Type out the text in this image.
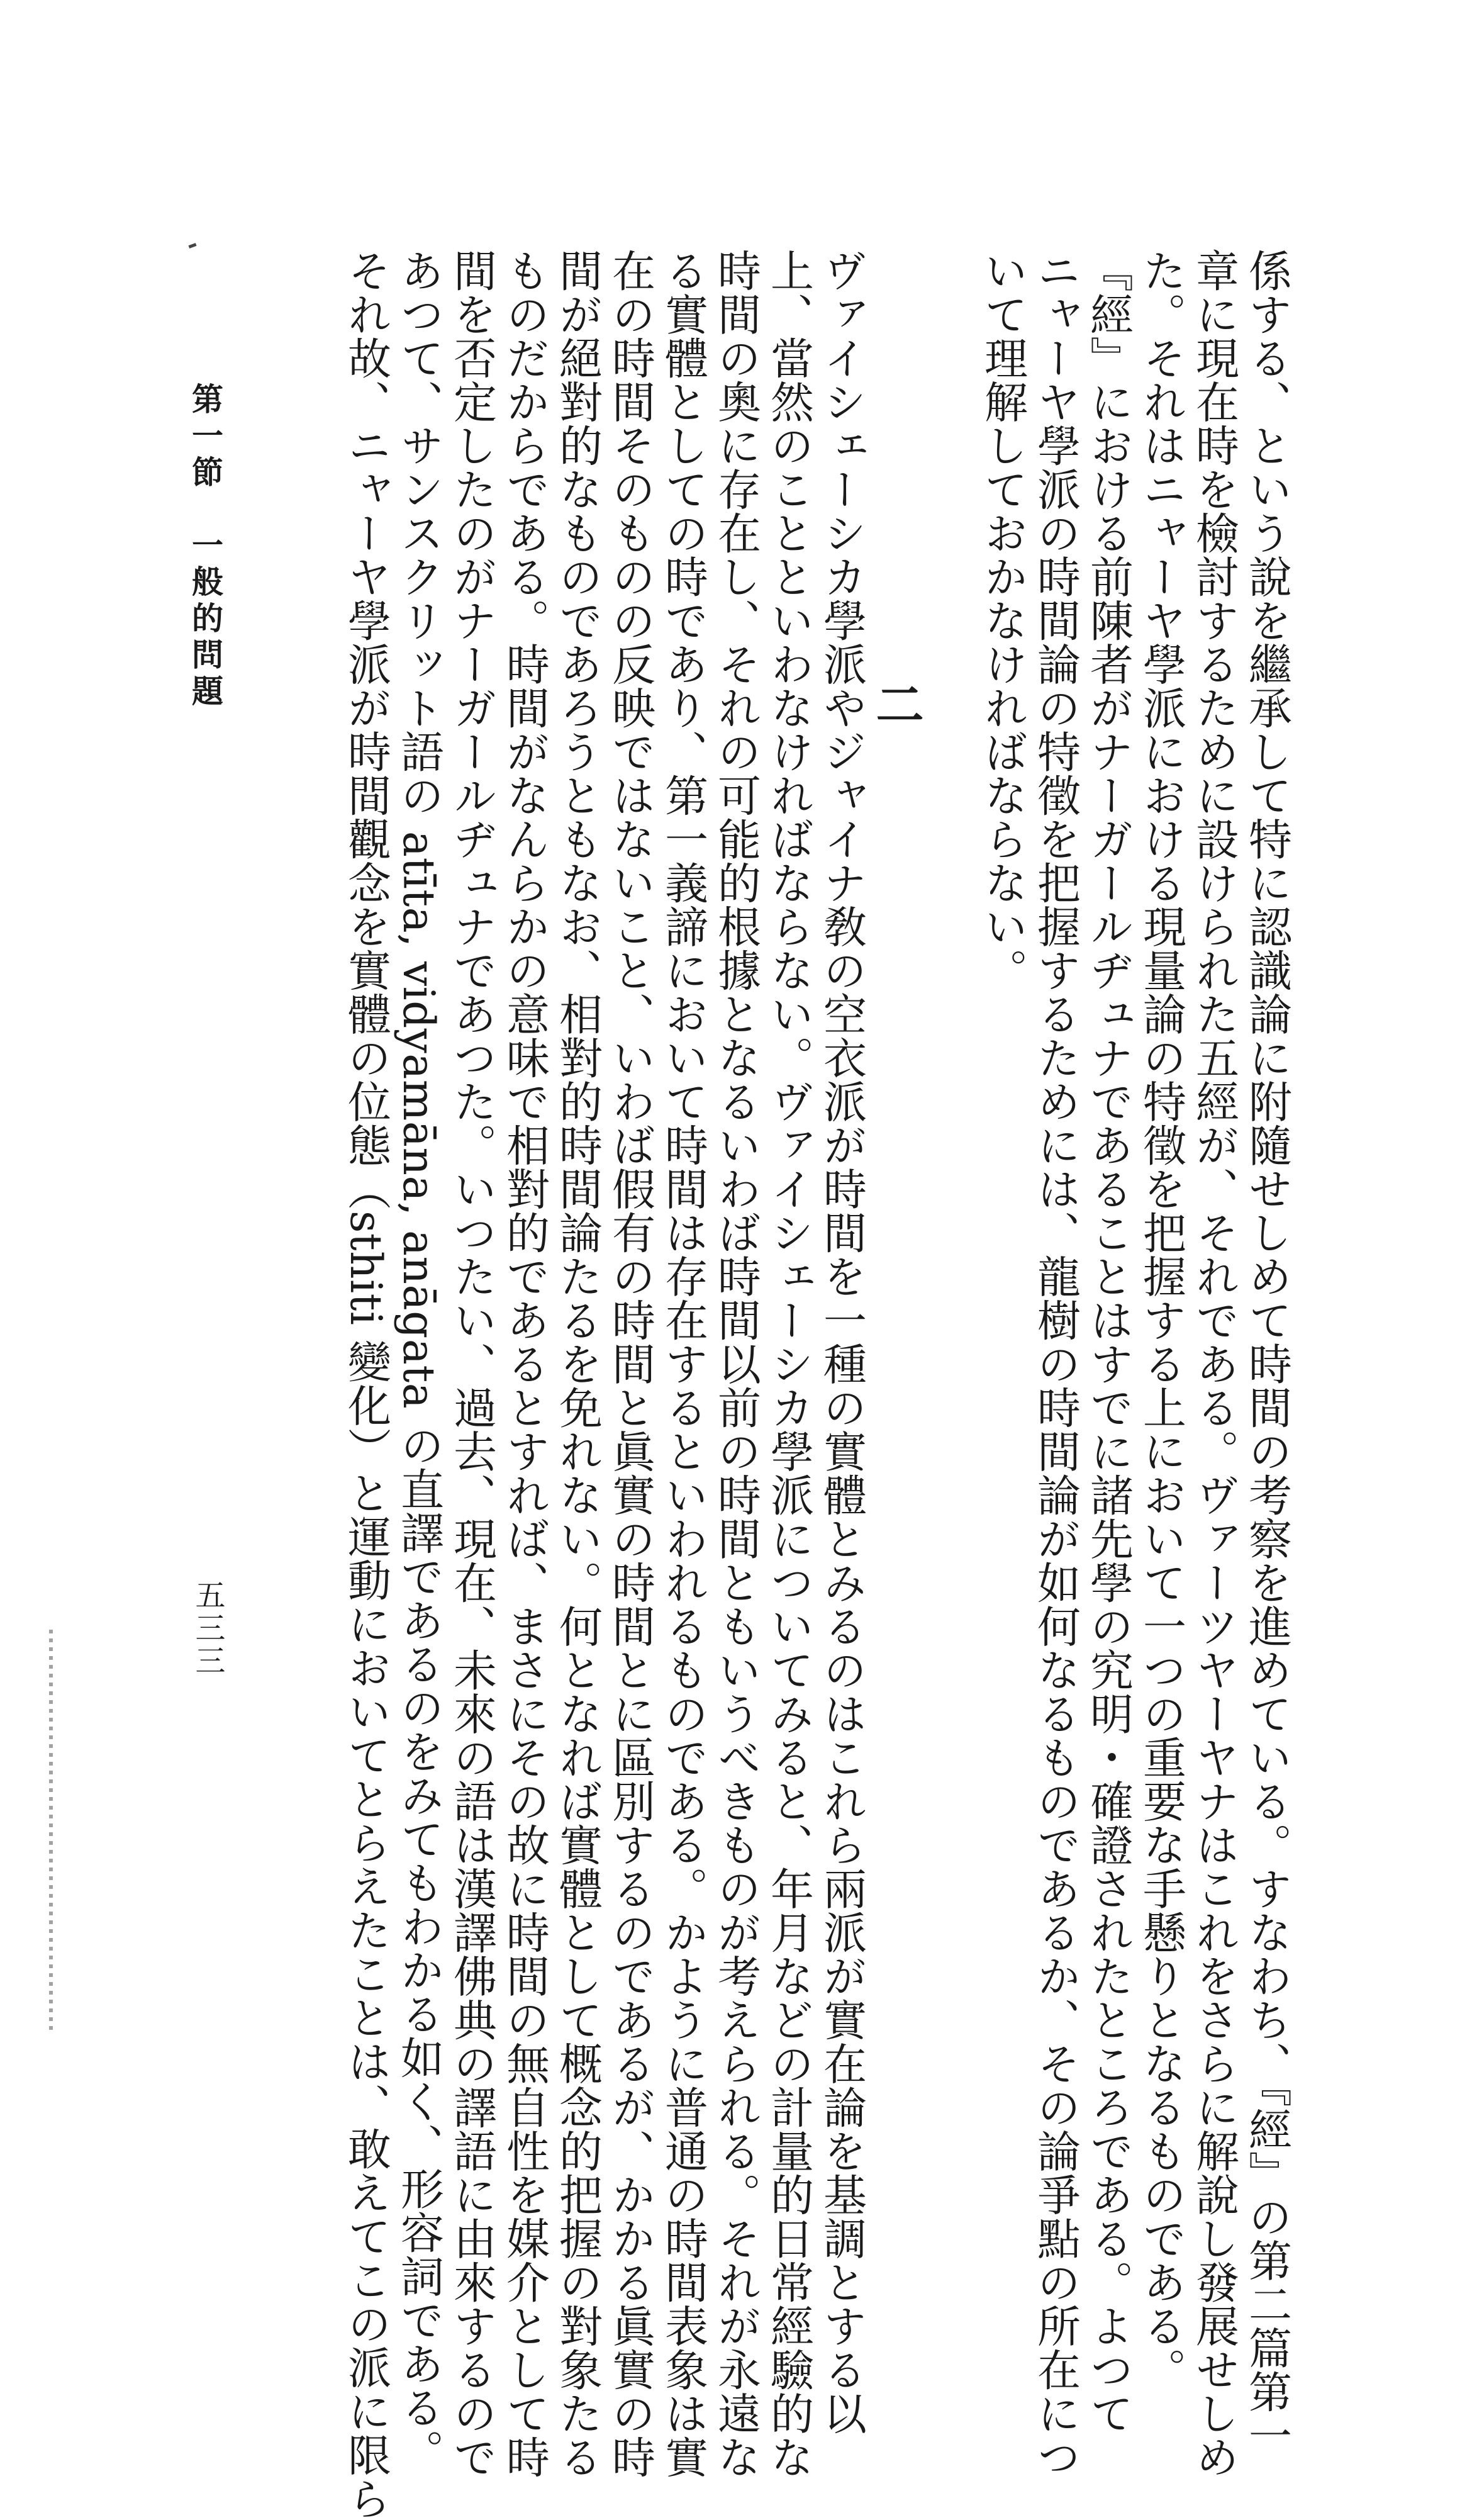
係する、という說を繼承して特に認識論に附隨せしめて時間の考察を進めている。すなわち、『經』の第二篇第一
章に現在時を檢討するために設けられた五經が、それである。ヴァーツヤーヤナはこれをさらに解說し發展せしめ
た。それはニャーヤ學派における現量論の特徵を把握する上において一つの重要な手懸りとなるものである。
『經』における前陳者がナーガールヂュナであることはすでに諸先學の究明・確證されたところである。よつて
ニャーヤ學派の時間論の特徵を把握するためには、龍樹の時間論が如何なるものであるか、その論爭點の所在につ
いて理解しておかなければならない。
二
ヴァイシェーシカ學派やジャイナ敎の空衣派が時間を一種の實體とみるのはこれら兩派が實在論を基調とする以
上、當然のことといわなければならない。ヴァイシェーシカ學派についてみると、年月などの計量的日常經驗的な
時間の奧に存在し、それの可能的根據となるいわば時間以前の時間ともいうべきものが考えられる。それが永遠な
る實體としての時であり、第一義諦において時間は存在するといわれるものである。かように普通の時間表象は實
在の時間そのものの反映ではないこと、いわば假有の時間と眞實の時間とに區別するのであるが、かかる眞實の時
間が絕對的なものであろうともなお、相對的時間論たるを免れない。何となれば實體として概念的把握の對象たる
ものだからである。時間がなんらかの意味で相對的であるとすれば、まさにその故に時間の無自性を媒介として時
間を否定したのがナーガールヂュナであつた。いつたい、過去、現在、未來の語は漢譯佛典の譯語に由來するので
あつて、サンスクリット語の atīta, vidyamāna, anāgata の直譯であるのをみてもわかる如く、形容詞である。
それ故、ニャーヤ學派が時間觀念を實體の位態（sthiti 變化）と運動においてとらえたことは、敢えてこの派に限ら
第一節　一般的問題
五三三
